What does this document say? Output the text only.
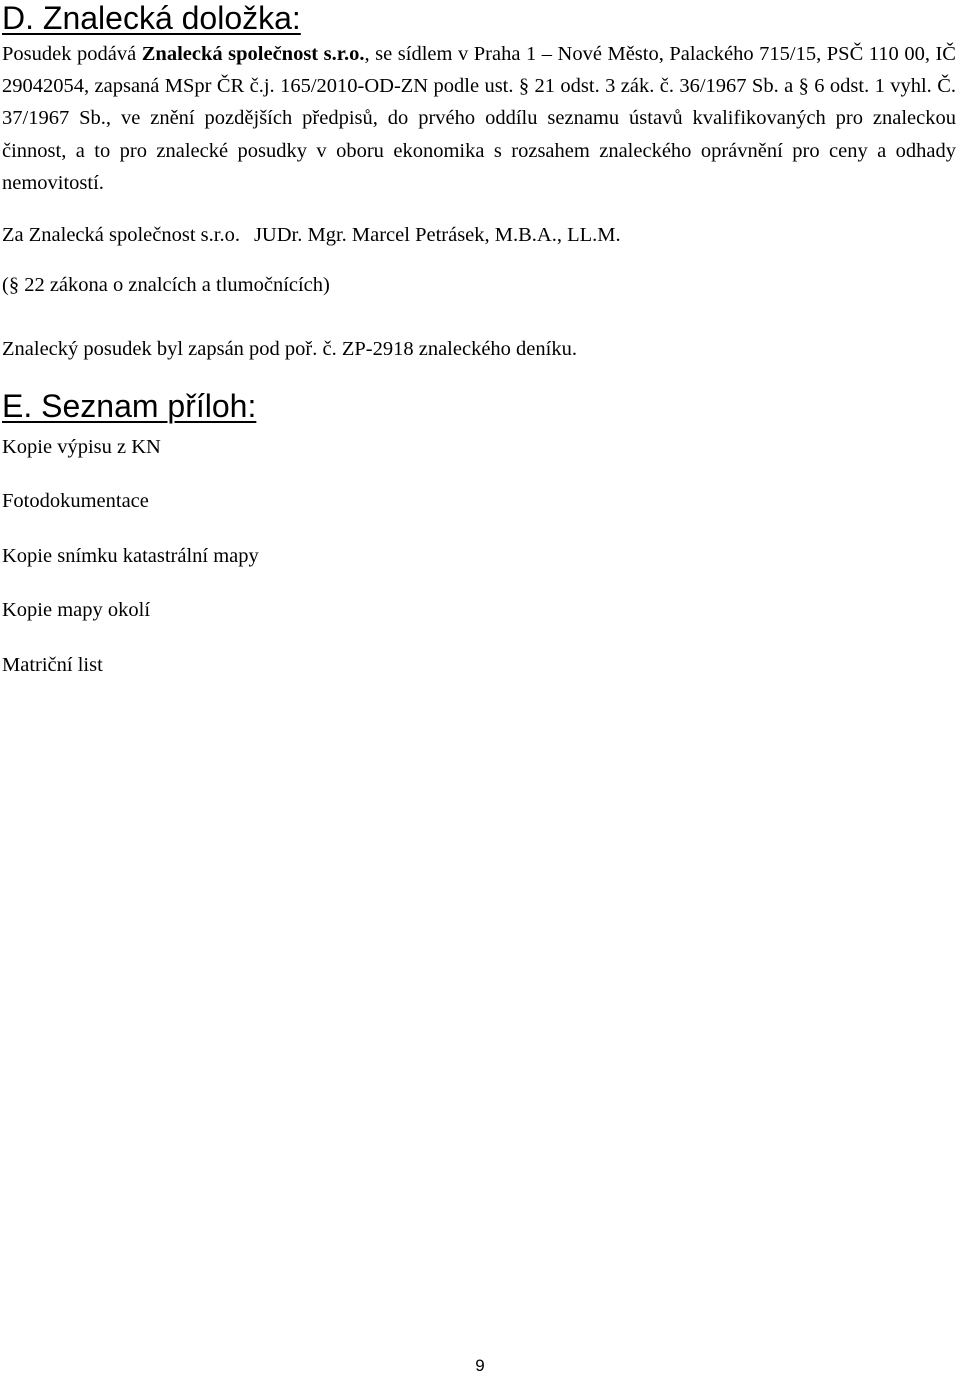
D. Znalecká doložka:

Posudek podává Znalecká společnost s.r.o., se sídlem v Praha 1 – Nové Město, Palackého 715/15, PSČ 110 00, IČ 29042054, zapsaná MSpr ČR č.j. 165/2010-OD-ZN podle ust. § 21 odst. 3 zák. č. 36/1967 Sb. a § 6 odst. 1 vyhl. Č. 37/1967 Sb., ve znění pozdějších předpisů, do prvého oddílu seznamu ústavů kvalifikovaných pro znaleckou činnost, a to pro znalecké posudky v oboru ekonomika s rozsahem znaleckého oprávnění pro ceny a odhady nemovitostí.

Za Znalecká společnost s.r.o. JUDr. Mgr. Marcel Petrásek, M.B.A., LL.M.

(§ 22 zákona o znalcích a tlumočnících)

Znalecký posudek byl zapsán pod poř. č. ZP-2918 znaleckého deníku.

E. Seznam příloh:

Kopie výpisu z KN

Fotodokumentace

Kopie snímku katastrální mapy

Kopie mapy okolí

Matriční list

9
